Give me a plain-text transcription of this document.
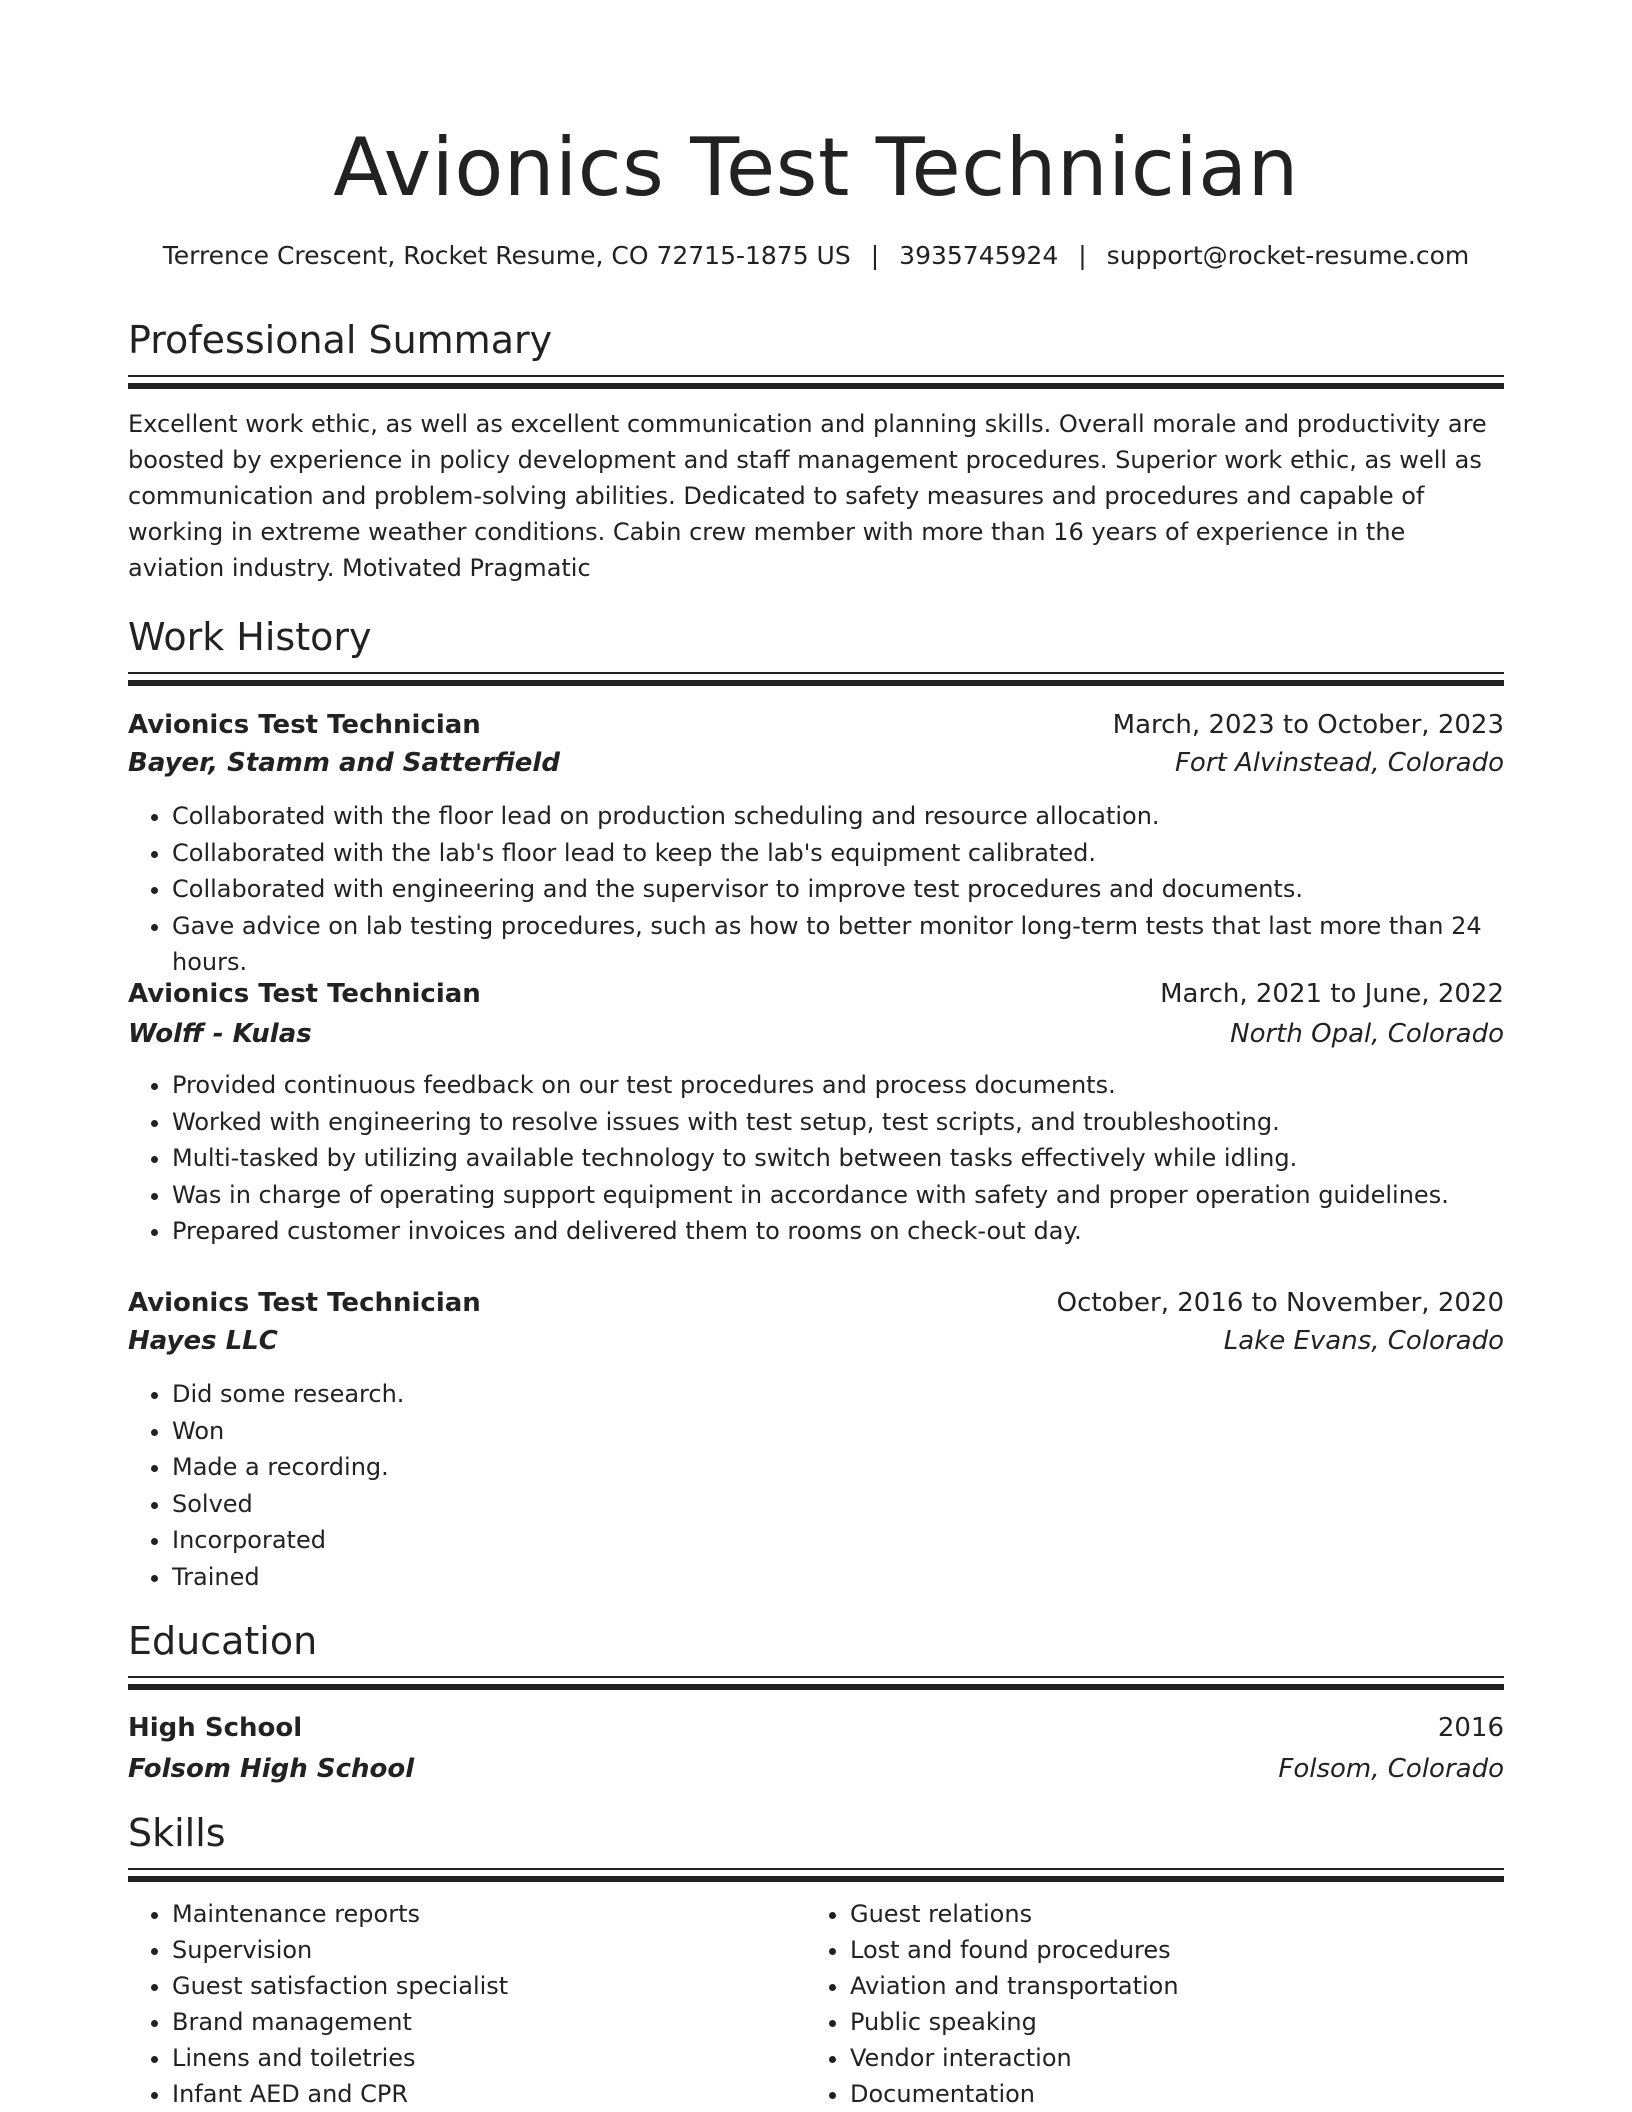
Avionics Test Technician
Terrence Crescent, Rocket Resume, CO 72715-1875 US | 3935745924 | support@rocket-resume.com
Professional Summary

Excellent work ethic, as well as excellent communication and planning skills. Overall morale and productivity are boosted by experience in policy development and staff management procedures. Superior work ethic, as well as communication and problem-solving abilities. Dedicated to safety measures and procedures and capable of working in extreme weather conditions. Cabin crew member with more than 16 years of experience in the aviation industry. Motivated Pragmatic

Work History
Avionics Test Technician	March, 2023 to October, 2023
Bayer, Stamm and Satterfield	Fort Alvinstead, Colorado
• Collaborated with the floor lead on production scheduling and resource allocation.
• Collaborated with the lab's floor lead to keep the lab's equipment calibrated.
• Collaborated with engineering and the supervisor to improve test procedures and documents.
• Gave advice on lab testing procedures, such as how to better monitor long-term tests that last more than 24 hours.
Avionics Test Technician	March, 2021 to June, 2022
Wolff - Kulas	North Opal, Colorado
• Provided continuous feedback on our test procedures and process documents.
• Worked with engineering to resolve issues with test setup, test scripts, and troubleshooting.
• Multi-tasked by utilizing available technology to switch between tasks effectively while idling.
• Was in charge of operating support equipment in accordance with safety and proper operation guidelines.
• Prepared customer invoices and delivered them to rooms on check-out day.
Avionics Test Technician	October, 2016 to November, 2020
Hayes LLC	Lake Evans, Colorado
• Did some research.
• Won
• Made a recording.
• Solved
• Incorporated
• Trained
Education
High School	2016
Folsom High School	Folsom, Colorado
Skills
• Maintenance reports
• Supervision
• Guest satisfaction specialist
• Brand management
• Linens and toiletries
• Infant AED and CPR
• Guest relations
• Lost and found procedures
• Aviation and transportation
• Public speaking
• Vendor interaction
• Documentation
